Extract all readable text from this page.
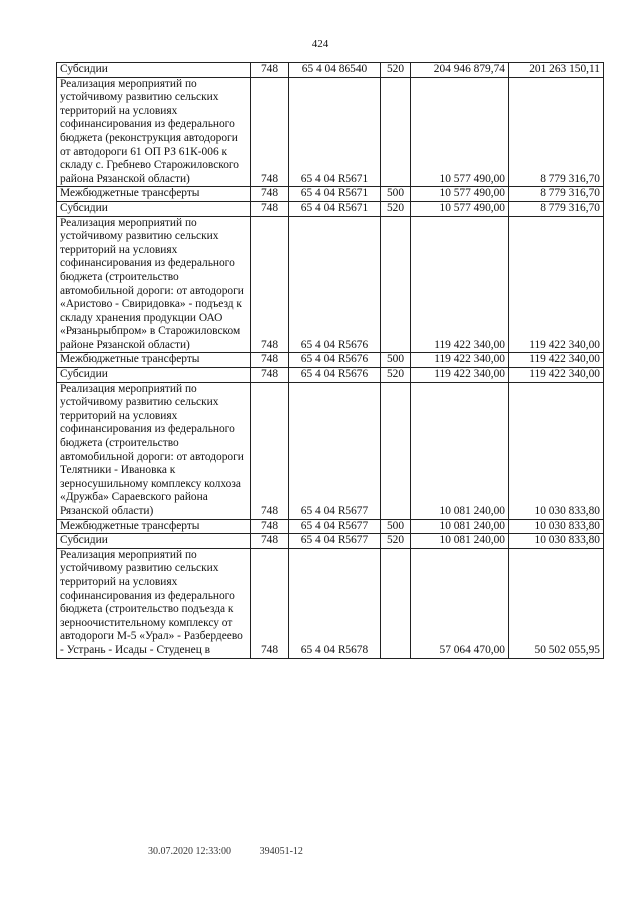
424
Субсидии	748	65 4 04 86540	520	204 946 879,74	201 263 150,11
Реализация мероприятий по устойчивому развитию сельских территорий на условиях софинансирования из федерального бюджета (реконструкция автодороги от автодороги 61 ОП РЗ 61К-006 к складу с. Гребнево Старожиловского района Рязанской области)	748	65 4 04 R5671		10 577 490,00	8 779 316,70
Межбюджетные трансферты	748	65 4 04 R5671	500	10 577 490,00	8 779 316,70
Субсидии	748	65 4 04 R5671	520	10 577 490,00	8 779 316,70
Реализация мероприятий по устойчивому развитию сельских территорий на условиях софинансирования из федерального бюджета (строительство автомобильной дороги: от автодороги «Аристово - Свиридовка» - подъезд к складу хранения продукции ОАО «Рязаньрыбпром» в Старожиловском районе Рязанской области)	748	65 4 04 R5676		119 422 340,00	119 422 340,00
Межбюджетные трансферты	748	65 4 04 R5676	500	119 422 340,00	119 422 340,00
Субсидии	748	65 4 04 R5676	520	119 422 340,00	119 422 340,00
Реализация мероприятий по устойчивому развитию сельских территорий на условиях софинансирования из федерального бюджета (строительство автомобильной дороги: от автодороги Телятники - Ивановка к зерносушильному комплексу колхоза «Дружба» Сараевского района Рязанской области)	748	65 4 04 R5677		10 081 240,00	10 030 833,80
Межбюджетные трансферты	748	65 4 04 R5677	500	10 081 240,00	10 030 833,80
Субсидии	748	65 4 04 R5677	520	10 081 240,00	10 030 833,80
Реализация мероприятий по устойчивому развитию сельских территорий на условиях софинансирования из федерального бюджета (строительство подъезда к зерноочистительному комплексу от автодороги М-5 «Урал» - Разбердеево - Устрань - Исады - Студенец в	748	65 4 04 R5678		57 064 470,00	50 502 055,95
30.07.2020 12:33:00	394051-12
